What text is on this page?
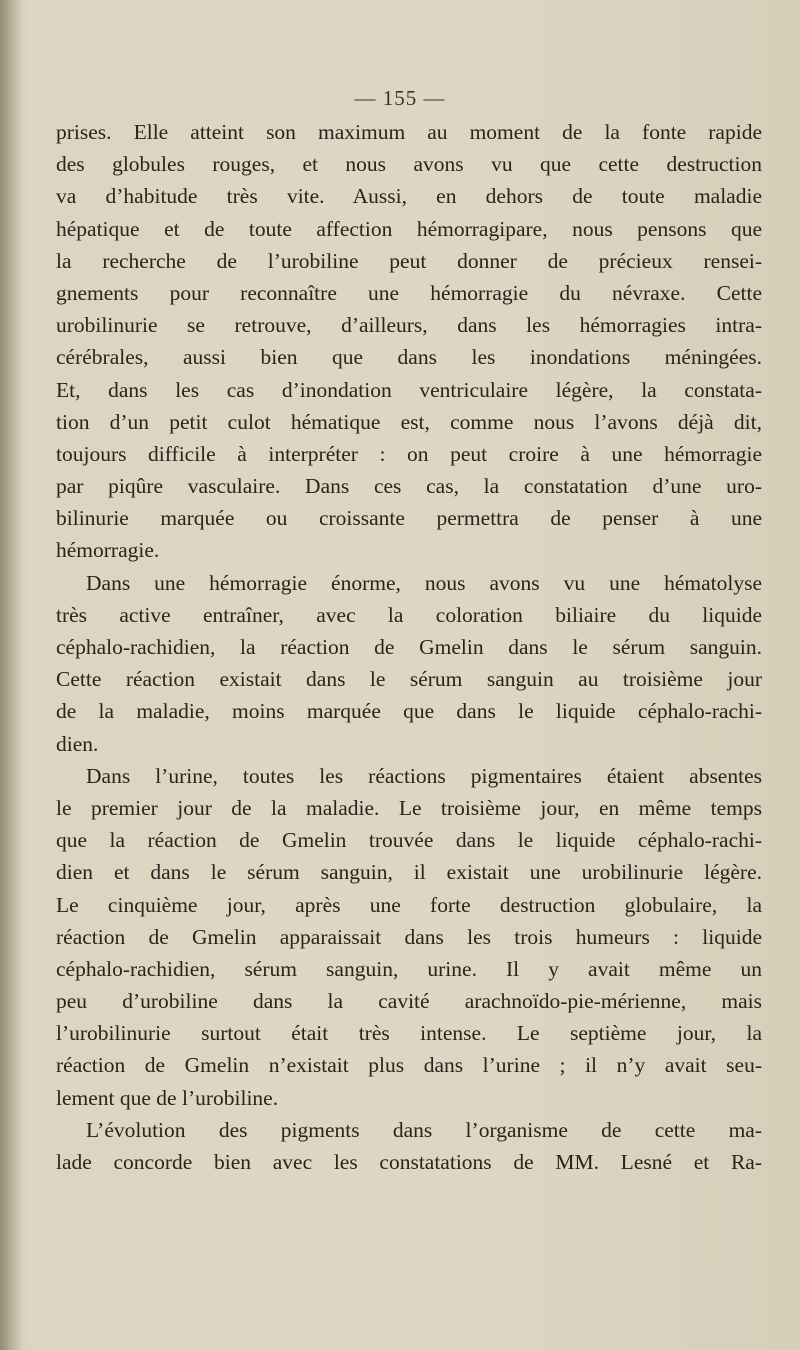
— 155 —
prises. Elle atteint son maximum au moment de la fonte rapide
des globules rouges, et nous avons vu que cette destruction
va d’habitude très vite. Aussi, en dehors de toute maladie
hépatique et de toute affection hémorragipare, nous pensons que
la recherche de l’urobiline peut donner de précieux rensei-
gnements pour reconnaître une hémorragie du névraxe. Cette
urobilinurie se retrouve, d’ailleurs, dans les hémorragies intra-
cérébrales, aussi bien que dans les inondations méningées.
Et, dans les cas d’inondation ventriculaire légère, la constata-
tion d’un petit culot hématique est, comme nous l’avons déjà dit,
toujours difficile à interpréter : on peut croire à une hémorragie
par piqûre vasculaire. Dans ces cas, la constatation d’une uro-
bilinurie marquée ou croissante permettra de penser à une
hémorragie.
Dans une hémorragie énorme, nous avons vu une hématolyse
très active entraîner, avec la coloration biliaire du liquide
céphalo-rachidien, la réaction de Gmelin dans le sérum sanguin.
Cette réaction existait dans le sérum sanguin au troisième jour
de la maladie, moins marquée que dans le liquide céphalo-rachi-
dien.
Dans l’urine, toutes les réactions pigmentaires étaient absentes
le premier jour de la maladie. Le troisième jour, en même temps
que la réaction de Gmelin trouvée dans le liquide céphalo-rachi-
dien et dans le sérum sanguin, il existait une urobilinurie légère.
Le cinquième jour, après une forte destruction globulaire, la
réaction de Gmelin apparaissait dans les trois humeurs : liquide
céphalo-rachidien, sérum sanguin, urine. Il y avait même un
peu d’urobiline dans la cavité arachnoïdo-pie-mérienne, mais
l’urobilinurie surtout était très intense. Le septième jour, la
réaction de Gmelin n’existait plus dans l’urine ; il n’y avait seu-
lement que de l’urobiline.
L’évolution des pigments dans l’organisme de cette ma-
lade concorde bien avec les constatations de MM. Lesné et Ra-
